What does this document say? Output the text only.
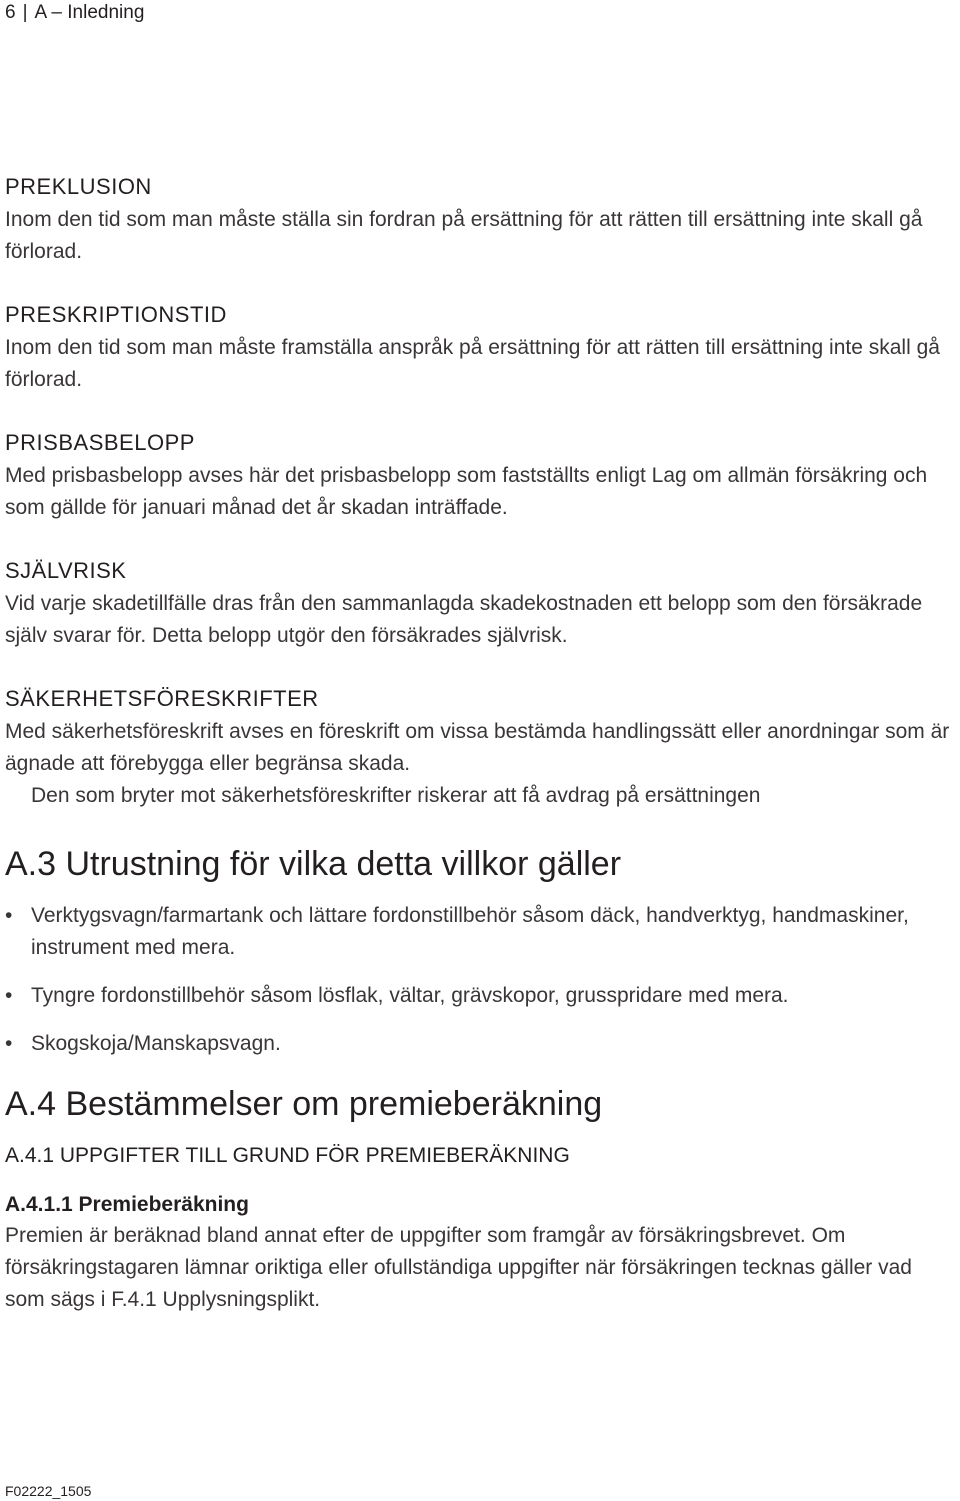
6 | A – Inledning
PREKLUSION

Inom den tid som man måste ställa sin fordran på ersättning för att rätten till ersättning inte skall gå förlorad.

PRESKRIPTIONSTID

Inom den tid som man måste framställa anspråk på ersättning för att rätten till ersättning inte skall gå förlorad.

PRISBASBELOPP

Med prisbasbelopp avses här det prisbasbelopp som fastställts enligt Lag om allmän försäkring och som gällde för januari månad det år skadan inträffade.

SJÄLVRISK

Vid varje skadetillfälle dras från den sammanlagda skadekostnaden ett belopp som den försäkrade själv svarar för. Detta belopp utgör den försäkrades självrisk.

SÄKERHETSFÖRESKRIFTER

Med säkerhetsföreskrift avses en föreskrift om vissa bestämda handlingssätt eller anordningar som är ägnade att förebygga eller begränsa skada.
Den som bryter mot säkerhetsföreskrifter riskerar att få avdrag på ersättningen

A.3 Utrustning för vilka detta villkor gäller
• Verktygsvagn/farmartank och lättare fordonstillbehör såsom däck, handverktyg, handmaskiner, instrument med mera.
• Tyngre fordonstillbehör såsom lösflak, vältar, grävskopor, grusspridare med mera.
• Skogskoja/Manskapsvagn.
A.4 Bestämmelser om premieberäkning
A.4.1 UPPGIFTER TILL GRUND FÖR PREMIEBERÄKNING
A.4.1.1 Premieberäkning

Premien är beräknad bland annat efter de uppgifter som framgår av försäkringsbrevet. Om försäkringstagaren lämnar oriktiga eller ofullständiga uppgifter när försäkringen tecknas gäller vad som sägs i F.4.1 Upplysningsplikt.

F02222_1505
